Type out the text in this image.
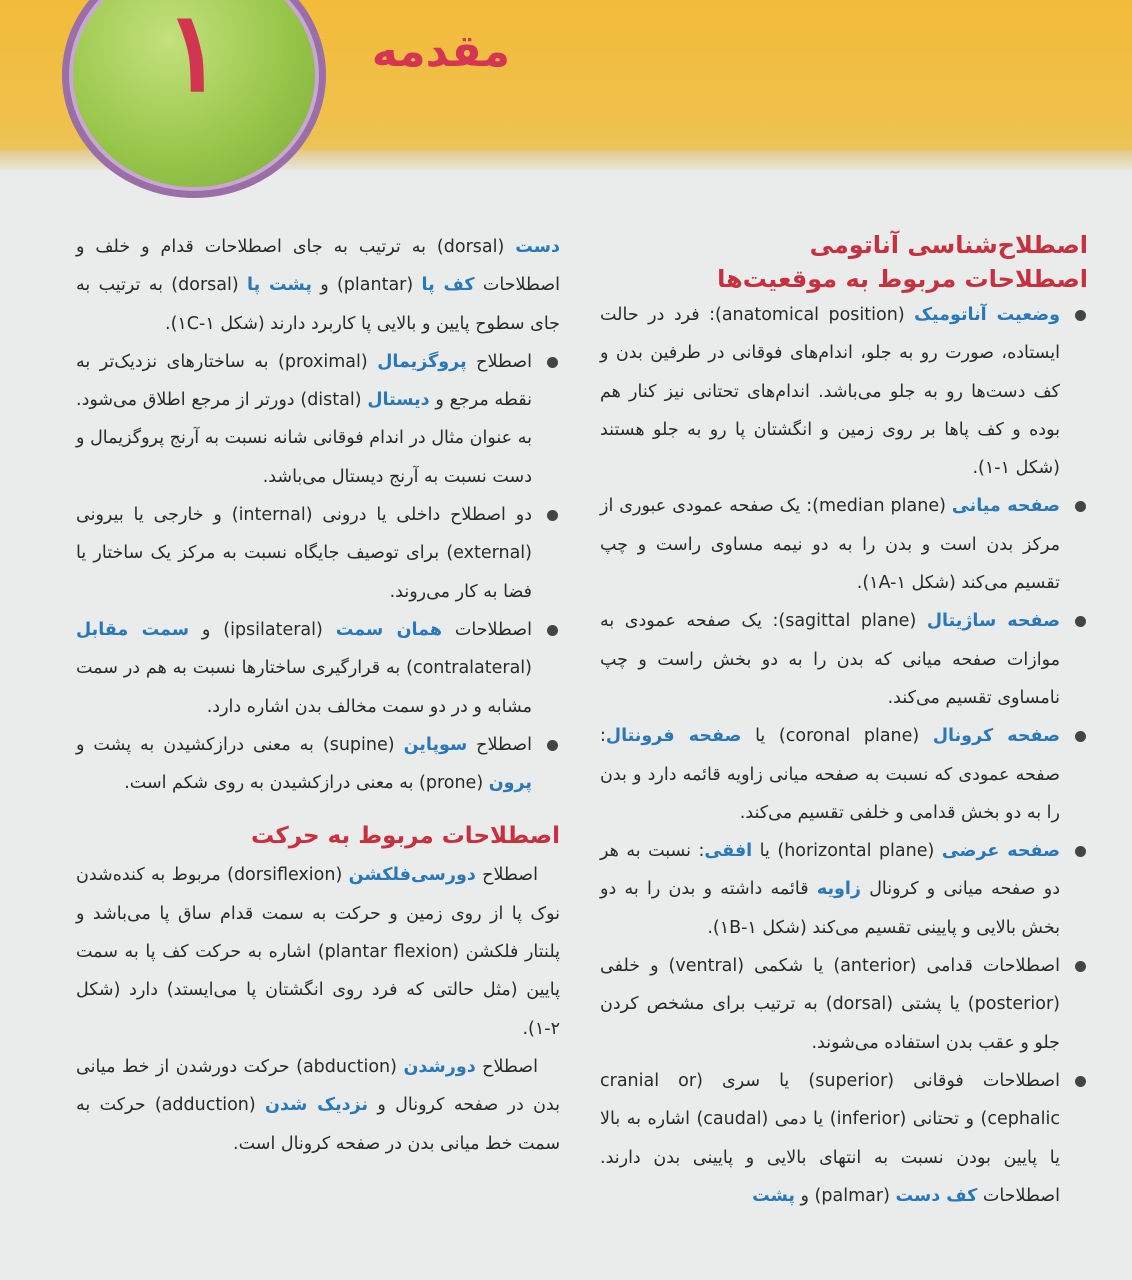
۱	مقدمه
اصطلاح‌شناسی آناتومی
اصطلاحات مربوط به موقعیت‌ها

وضعیت آناتومیک (anatomical position): فرد در حالت ایستاده، صورت رو به جلو، اندام‌های فوقانی در طرفین بدن و کف دست‌ها رو به جلو می‌باشد. اندام‌های تحتانی نیز کنار هم بوده و کف پاها بر روی زمین و انگشتان پا رو به جلو هستند (شکل ۱-۱).

صفحه میانی (median plane): یک صفحه عمودی عبوری از مرکز بدن است و بدن را به دو نیمه مساوی راست و چپ تقسیم می‌کند (شکل ۱A-۱).

صفحه ساژیتال (sagittal plane): یک صفحه عمودی به موازات صفحه میانی که بدن را به دو بخش راست و چپ نامساوی تقسیم می‌کند.

صفحه کرونال (coronal plane) یا صفحه فرونتال: صفحه عمودی که نسبت به صفحه میانی زاویه قائمه دارد و بدن را به دو بخش قدامی و خلفی تقسیم می‌کند.

صفحه عرضی (horizontal plane) یا افقی: نسبت به هر دو صفحه میانی و کرونال زاویه قائمه داشته و بدن را به دو بخش بالایی و پایینی تقسیم می‌کند (شکل ۱B-۱).

اصطلاحات قدامی (anterior) یا شکمی (ventral) و خلفی (posterior) یا پشتی (dorsal) به ترتیب برای مشخص کردن جلو و عقب بدن استفاده می‌شوند.

اصطلاحات فوقانی (superior) یا سری (cranial or cephalic) و تحتانی (inferior) یا دمی (caudal) اشاره به بالا یا پایین بودن نسبت به انتهای بالایی و پایینی بدن دارند. اصطلاحات کف دست (palmar) و پشت

دست (dorsal) به ترتیب به جای اصطلاحات قدام و خلف و اصطلاحات کف پا (plantar) و پشت پا (dorsal) به ترتیب به جای سطوح پایین و بالایی پا کاربرد دارند (شکل ۱C-۱).

اصطلاح پروگزیمال (proximal) به ساختارهای نزدیک‌تر به نقطه مرجع و دیستال (distal) دورتر از مرجع اطلاق می‌شود. به عنوان مثال در اندام فوقانی شانه نسبت به آرنج پروگزیمال و دست نسبت به آرنج دیستال می‌باشد.

دو اصطلاح داخلی یا درونی (internal) و خارجی یا بیرونی (external) برای توصیف جایگاه نسبت به مرکز یک ساختار یا فضا به کار می‌روند.

اصطلاحات همان سمت (ipsilateral) و سمت مقابل (contralateral) به قرارگیری ساختارها نسبت به هم در سمت مشابه و در دو سمت مخالف بدن اشاره دارد.

اصطلاح سوپاین (supine) به معنی درازکشیدن به پشت و پرون (prone) به معنی درازکشیدن به روی شکم است.

اصطلاحات مربوط به حرکت

اصطلاح دورسی‌فلکشن (dorsiflexion) مربوط به کنده‌شدن نوک پا از روی زمین و حرکت به سمت قدام ساق پا می‌باشد و پلنتار فلکشن (plantar flexion) اشاره به حرکت کف پا به سمت پایین (مثل حالتی که فرد روی انگشتان پا می‌ایستد) دارد (شکل ۲-۱).

اصطلاح دورشدن (abduction) حرکت دورشدن از خط میانی بدن در صفحه کرونال و نزدیک شدن (adduction) حرکت به سمت خط میانی بدن در صفحه کرونال است.
